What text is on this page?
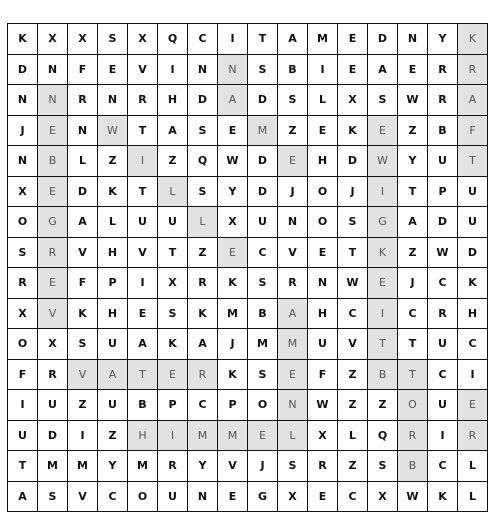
K	X	X	S	X	Q	C	I	T	A	M	E	D	N	Y	K
D	N	F	E	V	I	N	N	S	B	I	E	A	E	R	R
N	N	R	N	R	H	D	A	D	S	L	X	S	W	R	A
J	E	N	W	T	A	S	E	M	Z	E	K	E	Z	B	F
N	B	L	Z	I	Z	Q	W	D	E	H	D	W	Y	U	T
X	E	D	K	T	L	S	Y	D	J	O	J	I	T	P	U
O	G	A	L	U	U	L	X	U	N	O	S	G	A	D	U
S	R	V	H	V	T	Z	E	C	V	E	T	K	Z	W	D
R	E	F	P	I	X	R	K	S	R	N	W	E	J	C	K
X	V	K	H	E	S	K	M	B	A	H	C	I	C	R	H
O	X	S	U	A	K	A	J	M	M	U	V	T	T	U	C
F	R	V	A	T	E	R	K	S	E	F	Z	B	T	C	I
I	U	Z	U	B	P	C	P	O	N	W	Z	Z	O	U	E
U	D	I	Z	H	I	M	M	E	L	X	L	Q	R	I	R
T	M	M	Y	M	R	Y	V	J	S	R	Z	S	B	C	L
A	S	V	C	O	U	N	E	G	X	E	C	X	W	K	L
